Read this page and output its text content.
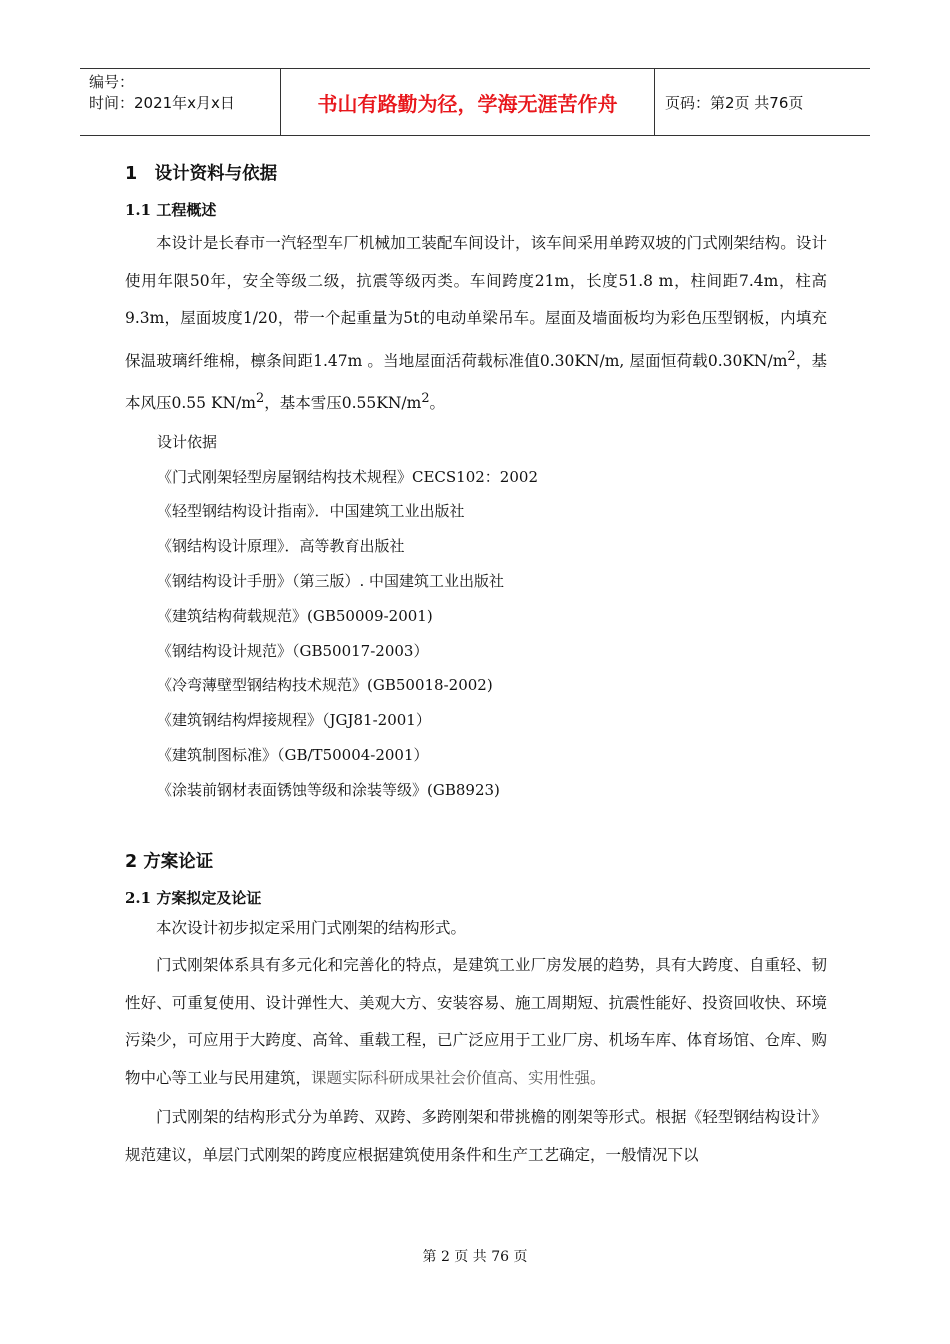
编号：
时间：2021年x月x日	书山有路勤为径，学海无涯苦作舟	页码：第2页 共76页
1　设计资料与依据
1.1 工程概述

本设计是长春市一汽轻型车厂机械加工装配车间设计，该车间采用单跨双坡的门式刚架结构。设计使用年限50年，安全等级二级，抗震等级丙类。车间跨度21m，长度51.8 m，柱间距7.4m，柱高9.3m，屋面坡度1/20，带一个起重量为5t的电动单梁吊车。屋面及墙面板均为彩色压型钢板，内填充保温玻璃纤维棉，檩条间距1.47m 。当地屋面活荷载标准值0.30KN/m, 屋面恒荷载$0.30KN/m^2$，基本风压0.55 $KN/m^2$，基本雪压$0.55KN/m^2$。

设计依据

《门式刚架轻型房屋钢结构技术规程》CECS102：2002

《轻型钢结构设计指南》．中国建筑工业出版社

《钢结构设计原理》．高等教育出版社

《钢结构设计手册》（第三版）. 中国建筑工业出版社

《建筑结构荷载规范》(GB50009-2001)

《钢结构设计规范》（GB50017-2003）

《冷弯薄壁型钢结构技术规范》(GB50018-2002)

《建筑钢结构焊接规程》（JGJ81-2001）

《建筑制图标准》（GB/T50004-2001）

《涂装前钢材表面锈蚀等级和涂装等级》(GB8923)

2 方案论证
2.1 方案拟定及论证

本次设计初步拟定采用门式刚架的结构形式。

门式刚架体系具有多元化和完善化的特点，是建筑工业厂房发展的趋势，具有大跨度、自重轻、韧性好、可重复使用、设计弹性大、美观大方、安装容易、施工周期短、抗震性能好、投资回收快、环境污染少，可应用于大跨度、高耸、重载工程，已广泛应用于工业厂房、机场车库、体育场馆、仓库、购物中心等工业与民用建筑，课题实际科研成果社会价值高、实用性强。

门式刚架的结构形式分为单跨、双跨、多跨刚架和带挑檐的刚架等形式。根据《轻型钢结构设计》规范建议，单层门式刚架的跨度应根据建筑使用条件和生产工艺确定，一般情况下以

第 2 页 共 76 页
